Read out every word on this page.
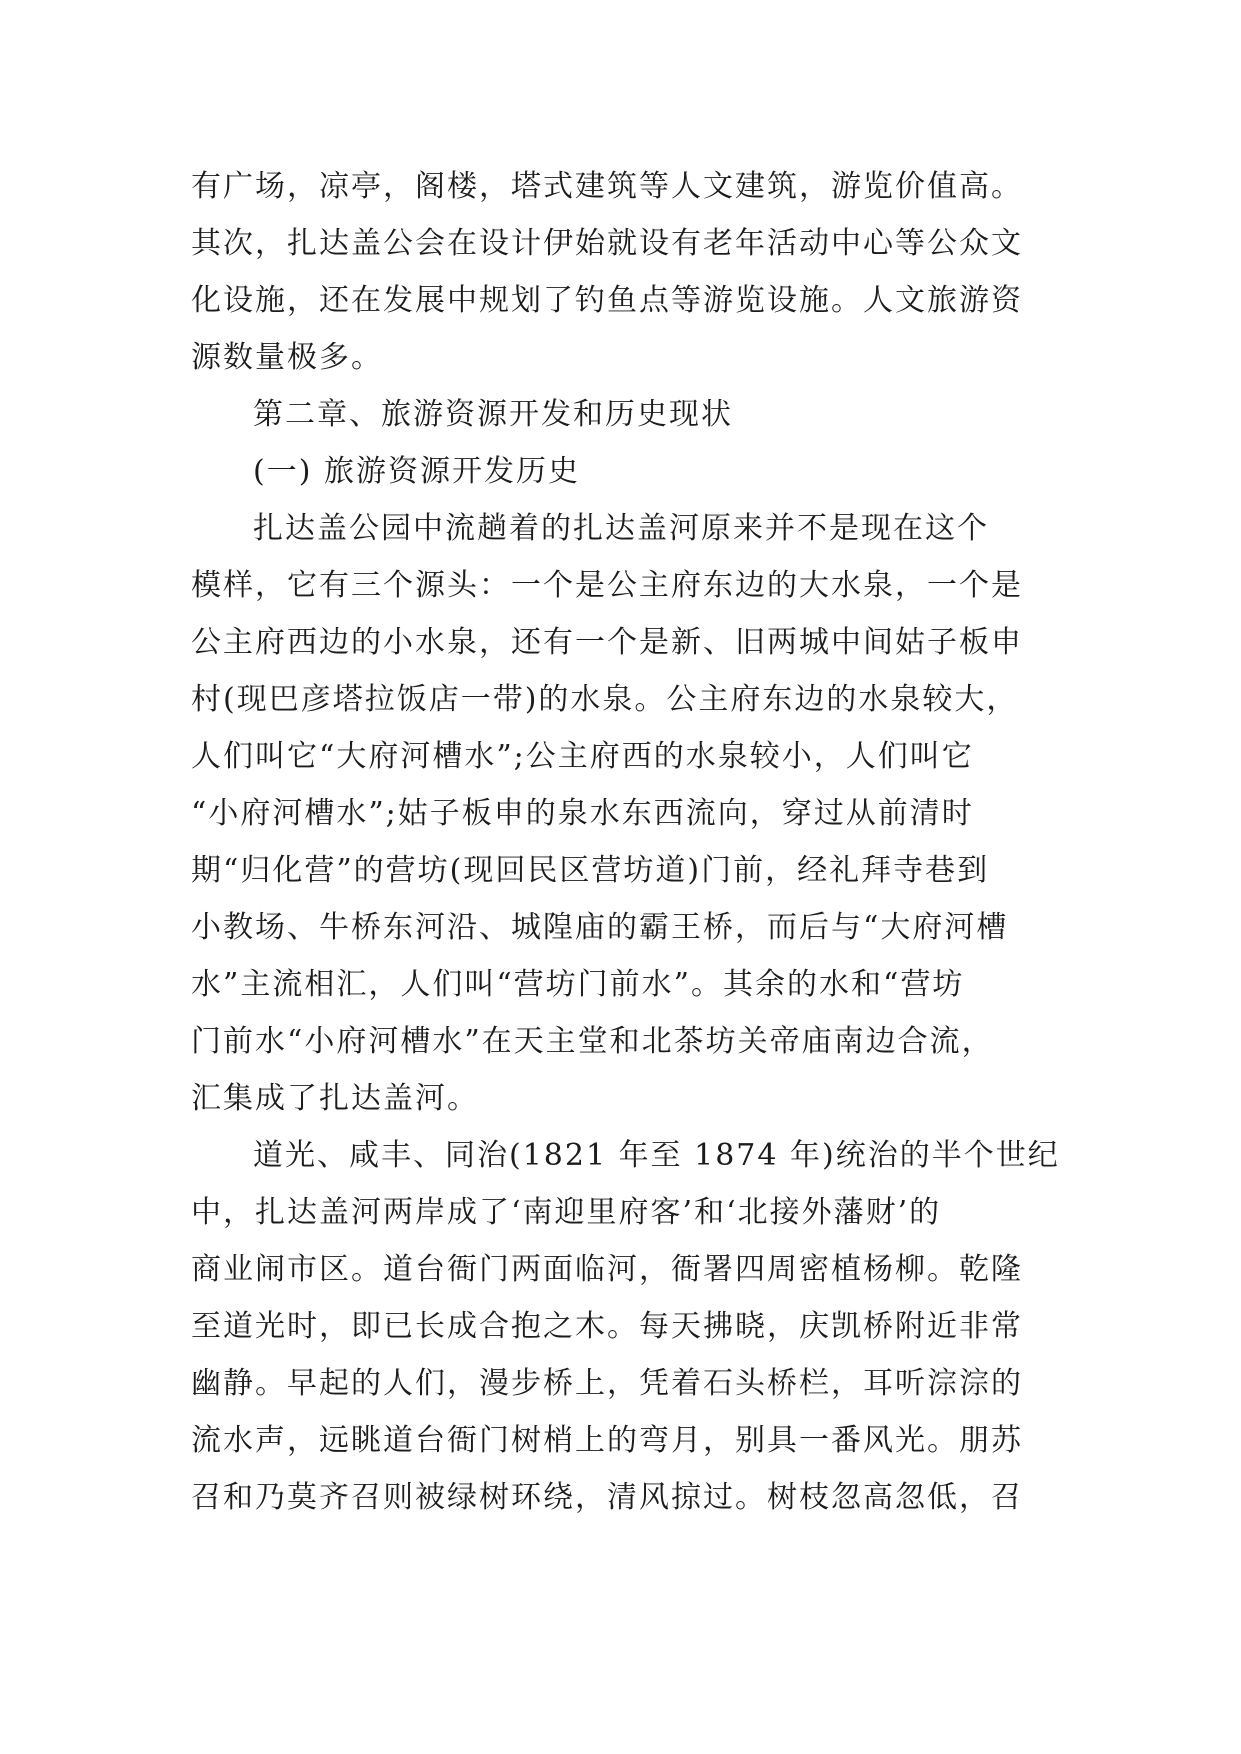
有广场，凉亭，阁楼，塔式建筑等人文建筑，游览价值高。
其次，扎达盖公会在设计伊始就设有老年活动中心等公众文
化设施，还在发展中规划了钓鱼点等游览设施。人文旅游资
源数量极多。
第二章、旅游资源开发和历史现状
(一) 旅游资源开发历史
扎达盖公园中流趟着的扎达盖河原来并不是现在这个
模样，它有三个源头：一个是公主府东边的大水泉，一个是
公主府西边的小水泉，还有一个是新、旧两城中间姑子板申
村(现巴彦塔拉饭店一带)的水泉。公主府东边的水泉较大，
人们叫它“大府河槽水”;公主府西的水泉较小，人们叫它
“小府河槽水”;姑子板申的泉水东西流向，穿过从前清时
期“归化营”的营坊(现回民区营坊道)门前，经礼拜寺巷到
小教场、牛桥东河沿、城隍庙的霸王桥，而后与“大府河槽
水”主流相汇，人们叫“营坊门前水”。其余的水和“营坊
门前水“小府河槽水”在天主堂和北茶坊关帝庙南边合流，
汇集成了扎达盖河。
道光、咸丰、同治(1821 年至 1874 年)统治的半个世纪
中，扎达盖河两岸成了‘南迎里府客’和‘北接外藩财’的
商业闹市区。道台衙门两面临河，衙署四周密植杨柳。乾隆
至道光时，即已长成合抱之木。每天拂晓，庆凯桥附近非常
幽静。早起的人们，漫步桥上，凭着石头桥栏，耳听淙淙的
流水声，远眺道台衙门树梢上的弯月，别具一番风光。朋苏
召和乃莫齐召则被绿树环绕，清风掠过。树枝忽高忽低，召
